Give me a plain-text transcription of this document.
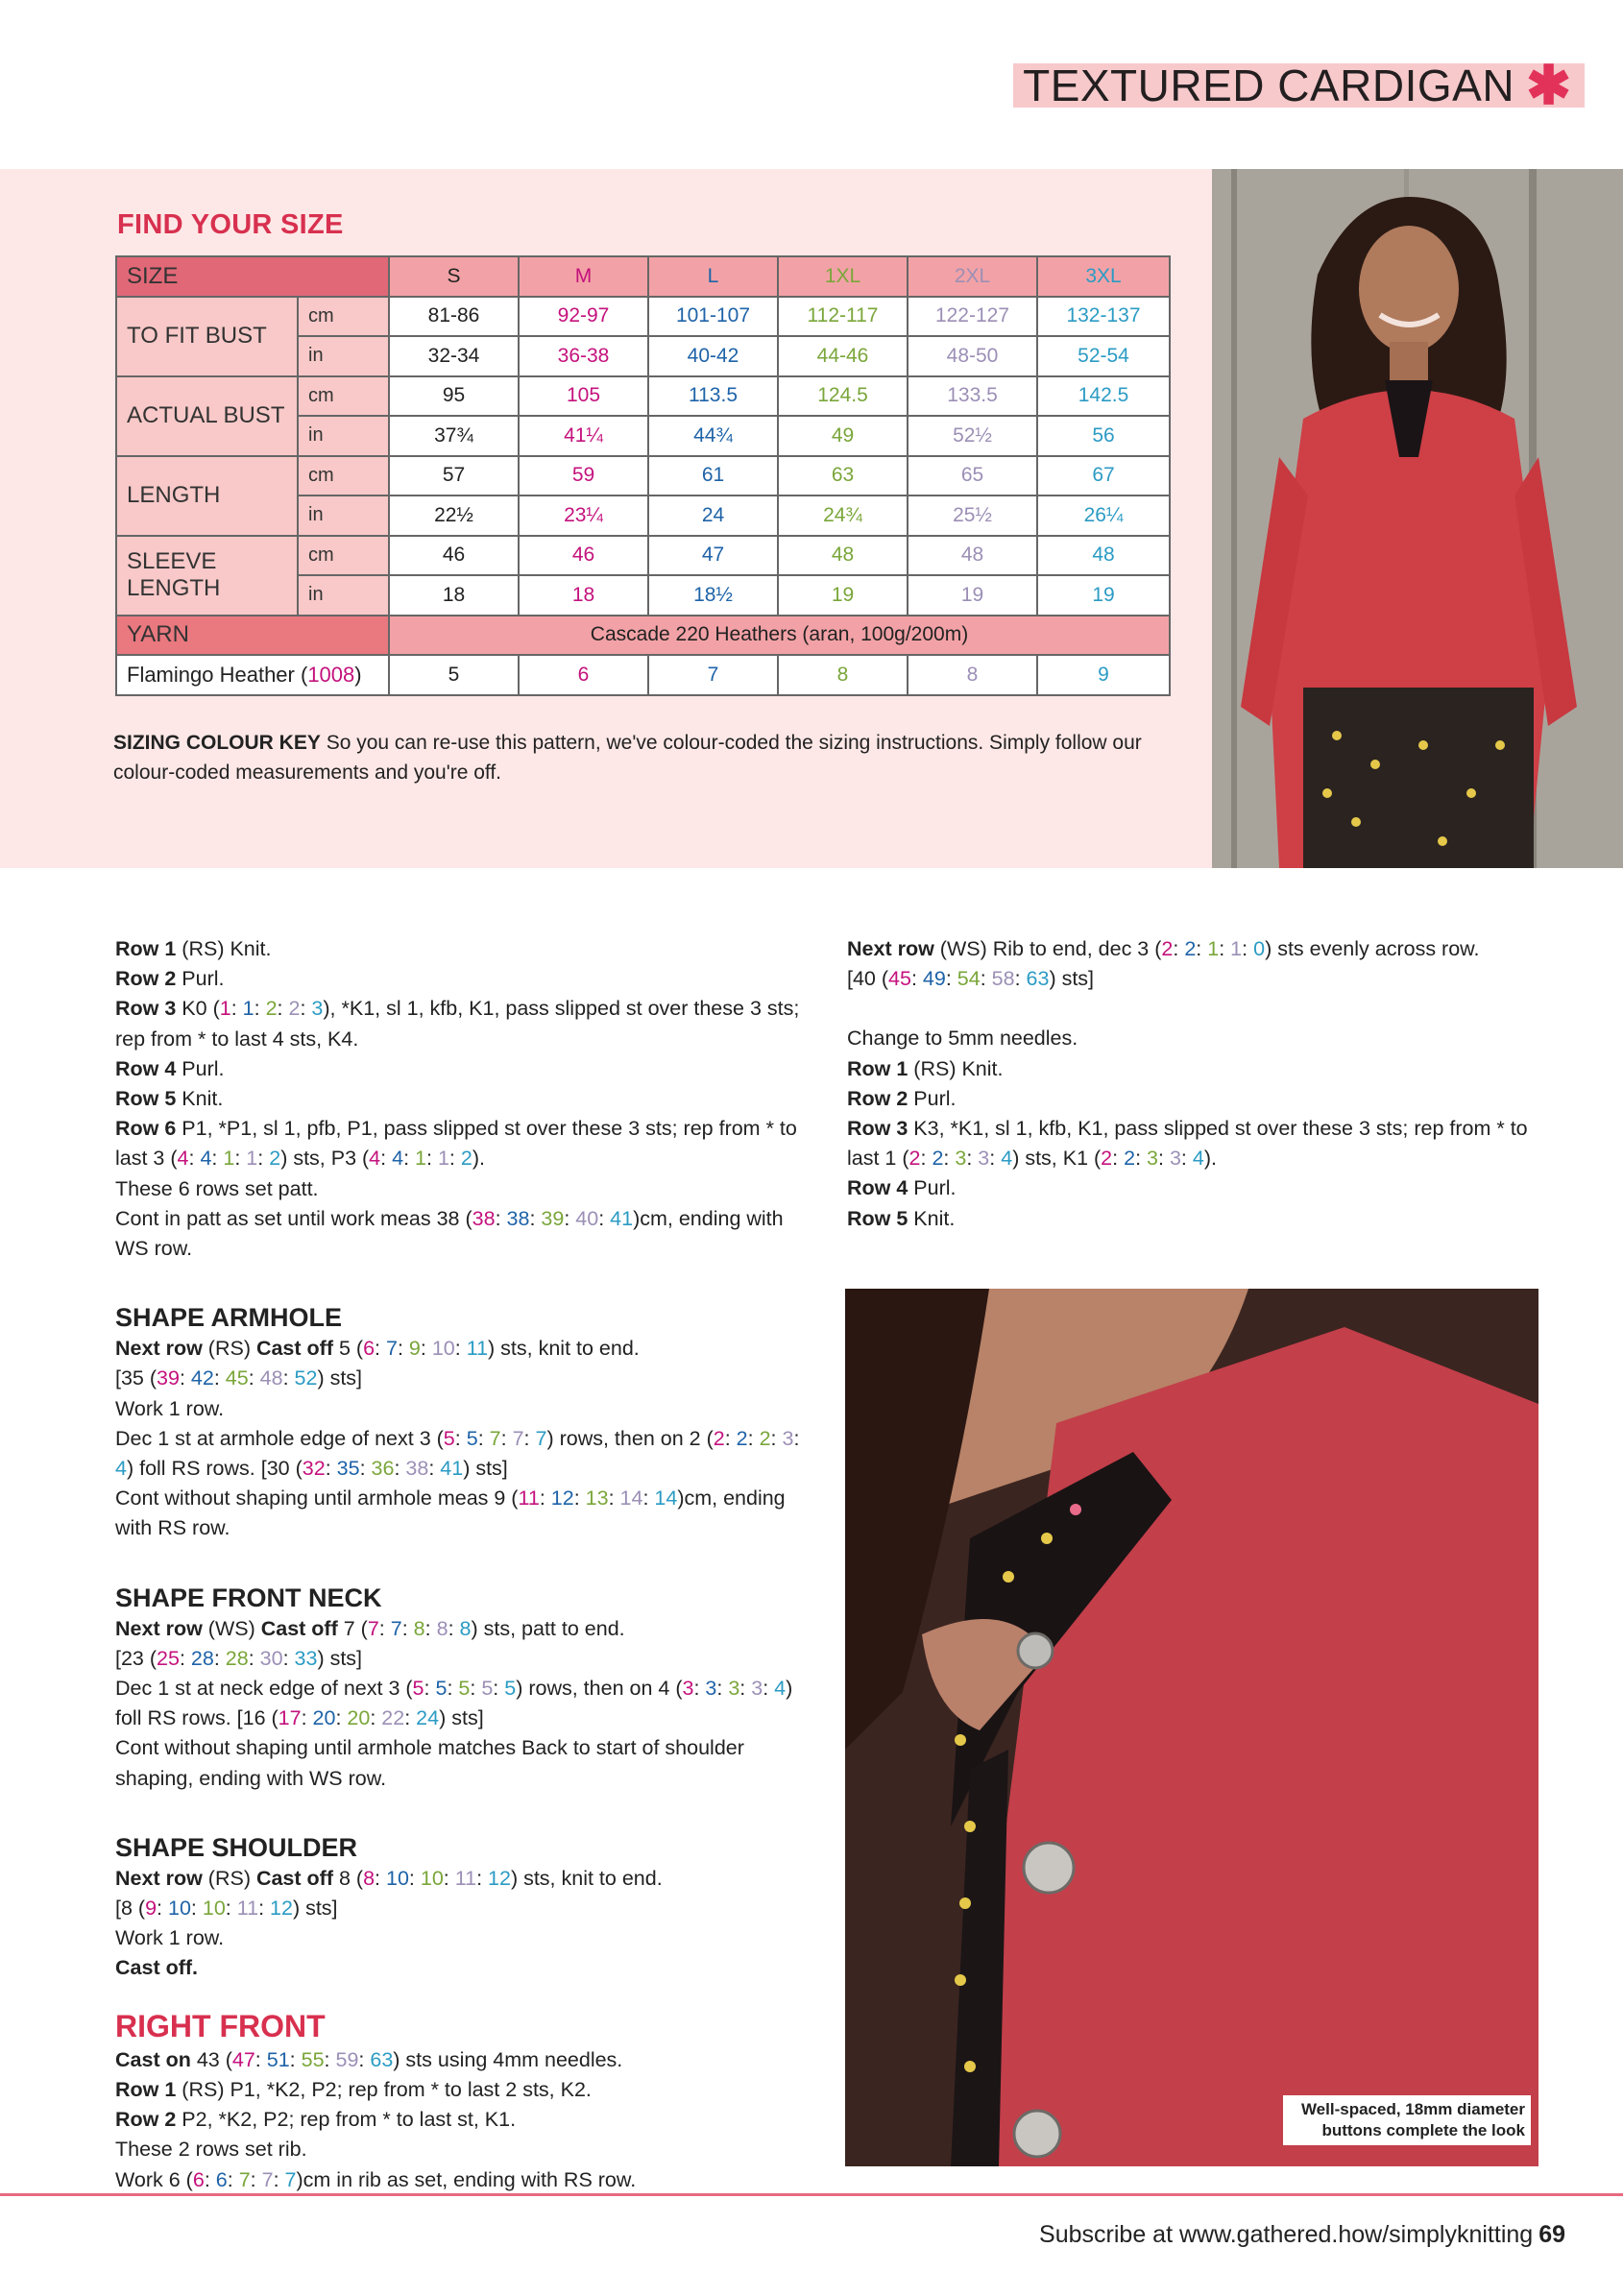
TEXTURED CARDIGAN ✱
FIND YOUR SIZE
SIZE		S	M	L	1XL	2XL	3XL
TO FIT BUST	cm	81-86	92-97	101-107	112-117	122-127	132-137
	in	32-34	36-38	40-42	44-46	48-50	52-54
ACTUAL BUST	cm	95	105	113.5	124.5	133.5	142.5
	in	37¾	41¼	44¾	49	52½	56
LENGTH	cm	57	59	61	63	65	67
	in	22½	23¼	24	24¾	25½	26¼
SLEEVE LENGTH	cm	46	46	47	48	48	48
	in	18	18	18½	19	19	19
YARN		Cascade 220 Heathers (aran, 100g/200m)					
Flamingo Heather (1008)		5	6	7	8	8	9
SIZING COLOUR KEY So you can re-use this pattern, we've colour-coded the sizing instructions. Simply follow our colour-coded measurements and you're off.

Row 1 (RS) Knit.

Row 2 Purl.

Row 3 K0 (1: 1: 2: 2: 3), *K1, sl 1, kfb, K1, pass slipped st over these 3 sts; rep from * to last 4 sts, K4.

Row 4 Purl.

Row 5 Knit.

Row 6 P1, *P1, sl 1, pfb, P1, pass slipped st over these 3 sts; rep from * to last 3 (4: 4: 1: 1: 2) sts, P3 (4: 4: 1: 1: 2).

These 6 rows set patt.

Cont in patt as set until work meas 38 (38: 38: 39: 40: 41)cm, ending with WS row.

SHAPE ARMHOLE

Next row (RS) Cast off 5 (6: 7: 9: 10: 11) sts, knit to end.

[35 (39: 42: 45: 48: 52) sts]

Work 1 row.

Dec 1 st at armhole edge of next 3 (5: 5: 7: 7: 7) rows, then on 2 (2: 2: 2: 3: 4) foll RS rows. [30 (32: 35: 36: 38: 41) sts]

Cont without shaping until armhole meas 9 (11: 12: 13: 14: 14)cm, ending with RS row.

SHAPE FRONT NECK

Next row (WS) Cast off 7 (7: 7: 8: 8: 8) sts, patt to end.

[23 (25: 28: 28: 30: 33) sts]

Dec 1 st at neck edge of next 3 (5: 5: 5: 5: 5) rows, then on 4 (3: 3: 3: 3: 4) foll RS rows. [16 (17: 20: 20: 22: 24) sts]

Cont without shaping until armhole matches Back to start of shoulder shaping, ending with WS row.

SHAPE SHOULDER

Next row (RS) Cast off 8 (8: 10: 10: 11: 12) sts, knit to end.

[8 (9: 10: 10: 11: 12) sts]

Work 1 row.

Cast off.

RIGHT FRONT

Cast on 43 (47: 51: 55: 59: 63) sts using 4mm needles.

Row 1 (RS) P1, *K2, P2; rep from * to last 2 sts, K2.

Row 2 P2, *K2, P2; rep from * to last st, K1.

These 2 rows set rib.

Work 6 (6: 6: 7: 7: 7)cm in rib as set, ending with RS row.

Next row (WS) Rib to end, dec 3 (2: 2: 1: 1: 0) sts evenly across row.

[40 (45: 49: 54: 58: 63) sts]

Change to 5mm needles.

Row 1 (RS) Knit.

Row 2 Purl.

Row 3 K3, *K1, sl 1, kfb, K1, pass slipped st over these 3 sts; rep from * to last 1 (2: 2: 3: 3: 4) sts, K1 (2: 2: 3: 3: 4).

Row 4 Purl.

Row 5 Knit.

Well-spaced, 18mm diameter
buttons complete the look
Subscribe at www.gathered.how/simplyknitting 69
